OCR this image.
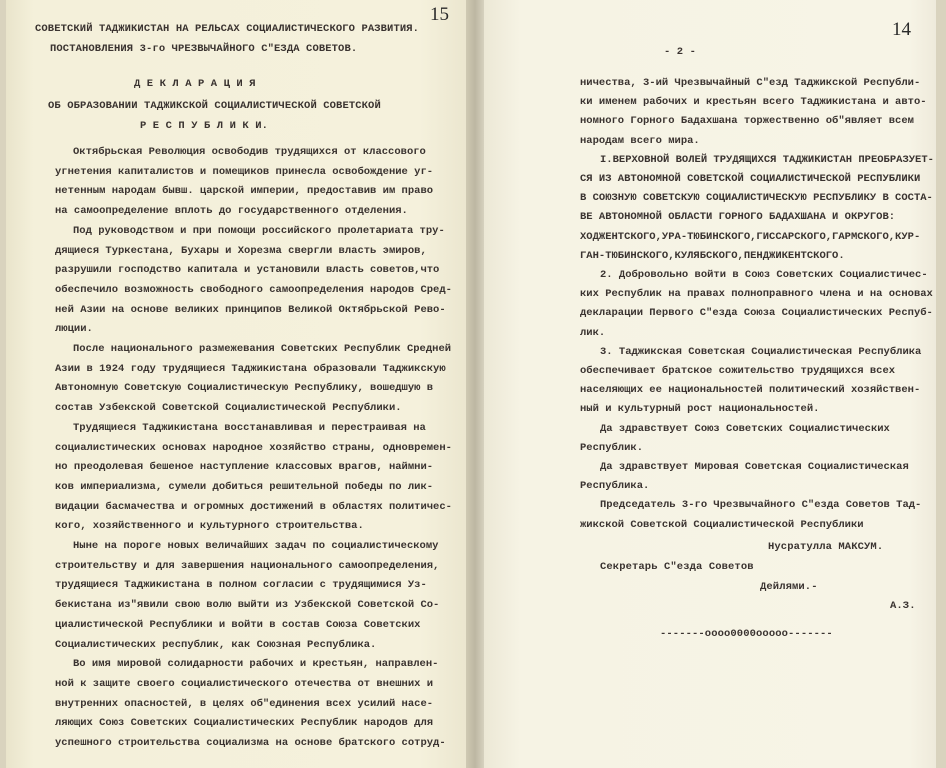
15
СОВЕТСКИЙ ТАДЖИКИСТАН НА РЕЛЬСАХ СОЦИАЛИСТИЧЕСКОГО РАЗВИТИЯ.
ПОСТАНОВЛЕНИЯ 3-го ЧРЕЗВЫЧАЙНОГО С"ЕЗДА СОВЕТОВ.
Д Е К Л А Р А Ц И Я
ОБ ОБРАЗОВАНИИ ТАДЖИКСКОЙ СОЦИАЛИСТИЧЕСКОЙ СОВЕТСКОЙ
Р Е С П У Б Л И К И.
Октябрьская Революция освободив трудящихся от классового
угнетения капиталистов и помещиков принесла освобождение уг-
нетенным народам бывш. царской империи, предоставив им право
на самоопределение вплоть до государственного отделения.
Под руководством и при помощи российского пролетариата тру-
дящиеся Туркестана, Бухары и Хорезма свергли власть эмиров,
разрушили господство капитала и установили власть советов,что
обеспечило возможность свободного самоопределения народов Сред-
ней Азии на основе великих принципов Великой Октябрьской Рево-
люции.
После национального размежевания Советских Республик Средней
Азии в 1924 году трудящиеся Таджикистана образовали Таджикскую
Автономную Советскую Социалистическую Республику, вошедшую в
состав Узбекской Советской Социалистической Республики.
Трудящиеся Таджикистана восстанавливая и перестраивая на
социалистических основах народное хозяйство страны, одновремен-
но преодолевая бешеное наступление классовых врагов, наймни-
ков империализма, сумели добиться решительной победы по лик-
видации басмачества и огромных достижений в областях политичес-
кого, хозяйственного и культурного строительства.
Ныне на пороге новых величайших задач по социалистическому
строительству и для завершения национального самоопределения,
трудящиеся Таджикистана в полном согласии с трудящимися Уз-
бекистана из"явили свою волю выйти из Узбекской Советской Со-
циалистической Республики и войти в состав Союза Советских
Социалистических республик, как Союзная Республика.
Во имя мировой солидарности рабочих и крестьян, направлен-
ной к защите своего социалистического отечества от внешних и
внутренних опасностей, в целях об"единения всех усилий насе-
ляющих Союз Советских Социалистических Республик народов для
успешного строительства социализма на основе братского сотруд-
14
- 2 -
ничества, 3-ий Чрезвычайный С"езд Таджикской Республи-
ки именем рабочих и крестьян всего Таджикистана и авто-
номного Горного Бадахшана торжественно об"являет всем
народам всего мира.
I.ВЕРХОВНОЙ ВОЛЕЙ ТРУДЯЩИХСЯ ТАДЖИКИСТАН ПРЕОБРАЗУЕТ-
СЯ ИЗ АВТОНОМНОЙ СОВЕТСКОЙ СОЦИАЛИСТИЧЕСКОЙ РЕСПУБЛИКИ
В СОЮЗНУЮ СОВЕТСКУЮ СОЦИАЛИСТИЧЕСКУЮ РЕСПУБЛИКУ В СОСТА-
ВЕ АВТОНОМНОЙ ОБЛАСТИ ГОРНОГО БАДАХШАНА И ОКРУГОВ:
ХОДЖЕНТСКОГО,УРА-ТЮБИНСКОГО,ГИССАРСКОГО,ГАРМСКОГО,КУР-
ГАН-ТЮБИНСКОГО,КУЛЯБСКОГО,ПЕНДЖИКЕНТСКОГО.
2. Добровольно войти в Союз Советских Социалистичес-
ких Республик на правах полноправного члена и на основах
декларации Первого С"езда Союза Социалистических Респуб-
лик.
3. Таджикская Советская Социалистическая Республика
обеспечивает братское сожительство трудящихся всех
населяющих ее национальностей политический хозяйствен-
ный и культурный рост национальностей.
Да здравствует Союз Советских Социалистических
Республик.
Да здравствует Мировая Советская Социалистическая
Республика.
Председатель 3-го Чрезвычайного С"езда Советов Тад-
жикской Советской Социалистической Республики
Нусратулла МАКСУМ.
Секретарь С"езда Советов
Дейлями.-
А.З.
-------оооо0000ооооо-------
